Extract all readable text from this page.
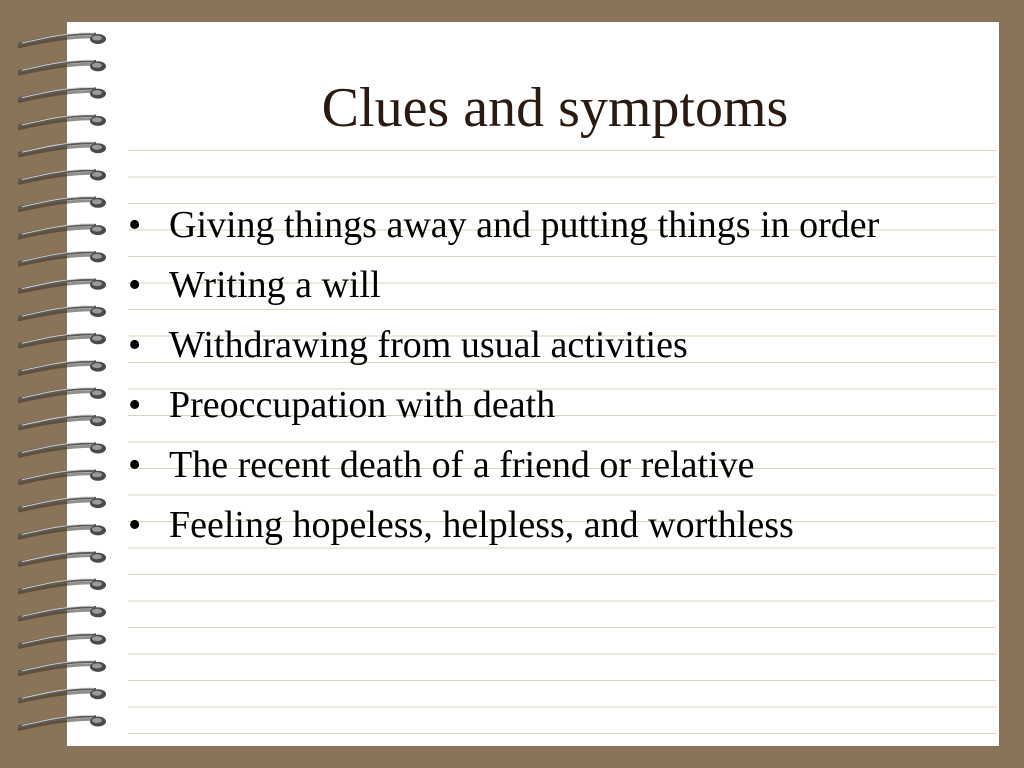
Clues and symptoms
• Giving things away and putting things in order
• Writing a will
• Withdrawing from usual activities
• Preoccupation with death
• The recent death of a friend or relative
• Feeling hopeless, helpless, and worthless
